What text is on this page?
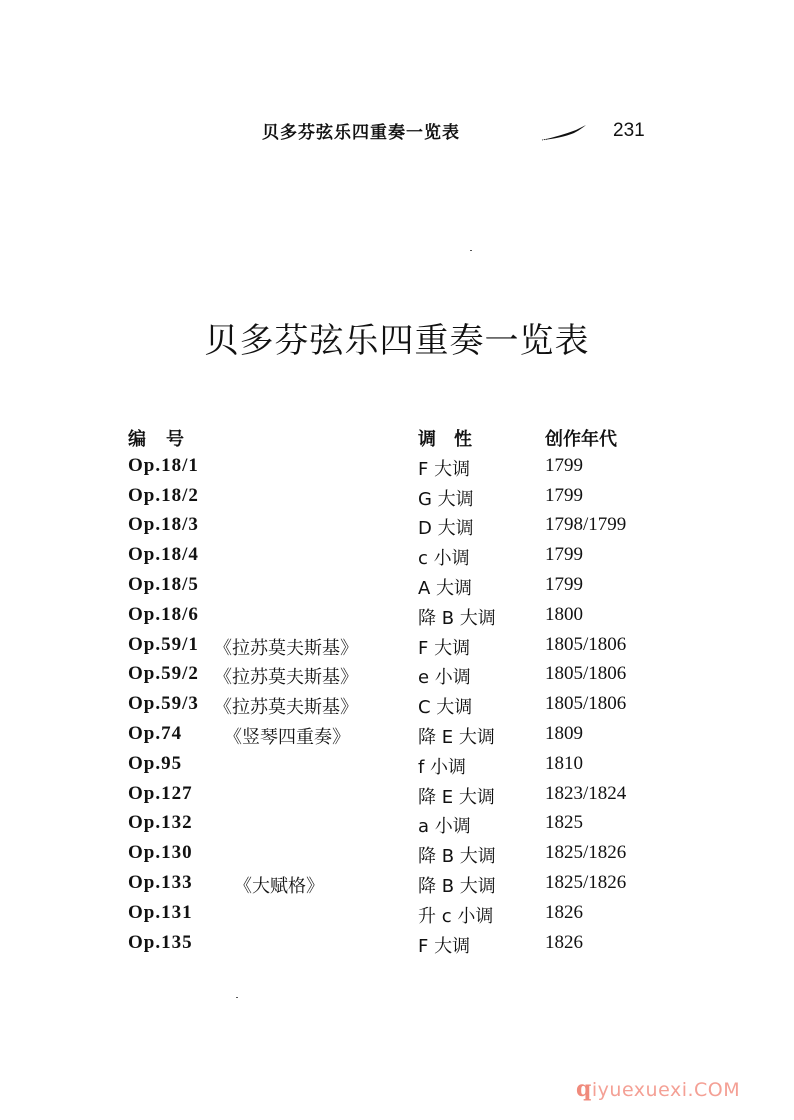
贝多芬弦乐四重奏一览表	231
贝多芬弦乐四重奏一览表
编　号	调　性	创作年代
Op.18/1	F 大调	1799
Op.18/2	G 大调	1799
Op.18/3	D 大调	1798/1799
Op.18/4	c 小调	1799
Op.18/5	A 大调	1799
Op.18/6	降 B 大调	1800
Op.59/1 《拉苏莫夫斯基》	F 大调	1805/1806
Op.59/2 《拉苏莫夫斯基》	e 小调	1805/1806
Op.59/3 《拉苏莫夫斯基》	C 大调	1805/1806
Op.74 《竖琴四重奏》	降 E 大调	1809
Op.95	f 小调	1810
Op.127	降 E 大调	1823/1824
Op.132	a 小调	1825
Op.130	降 B 大调	1825/1826
Op.133 《大赋格》	降 B 大调	1825/1826
Op.131	升 c 小调	1826
Op.135	F 大调	1826
qiyuexuexi.COM
